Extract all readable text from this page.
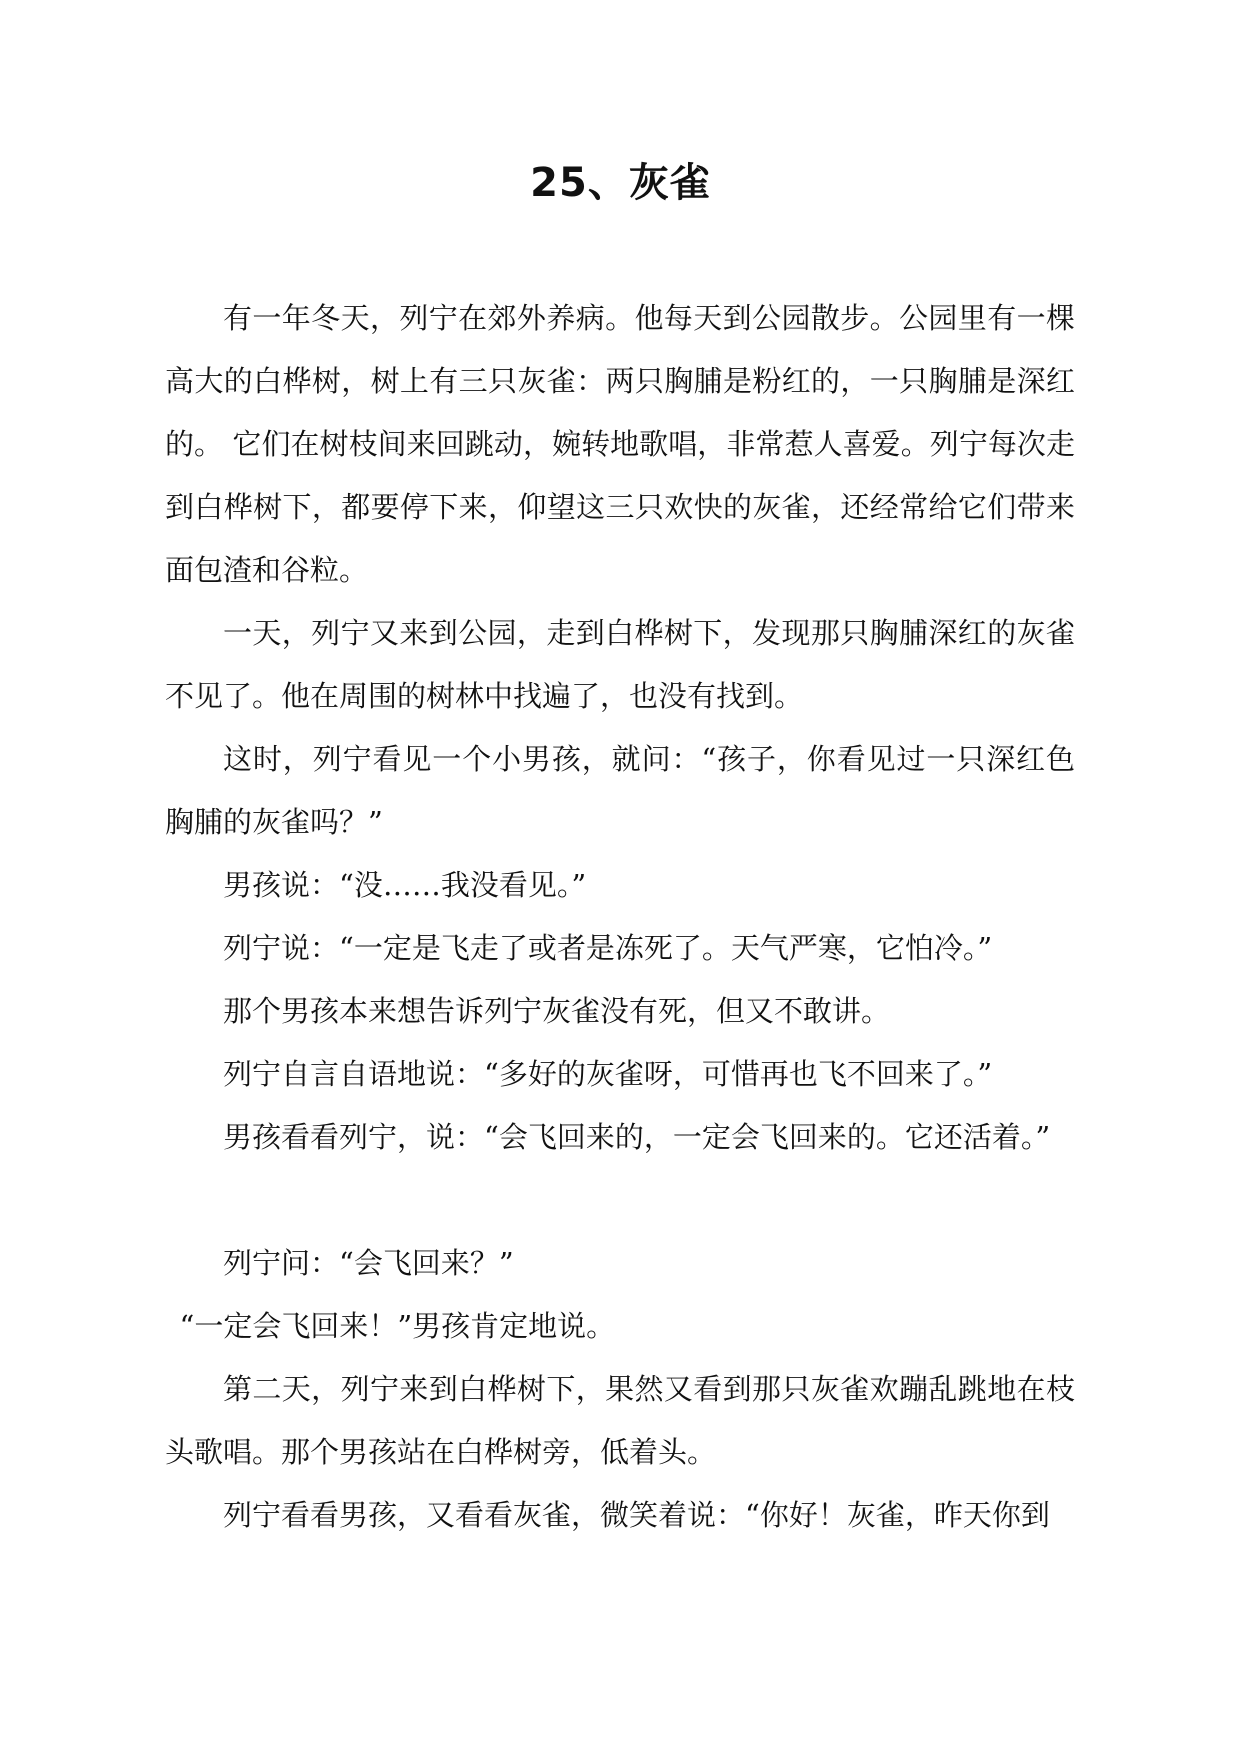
25、灰雀

有一年冬天，列宁在郊外养病。他每天到公园散步。公园里有一棵高大的白桦树，树上有三只灰雀：两只胸脯是粉红的，一只胸脯是深红的。 它们在树枝间来回跳动，婉转地歌唱，非常惹人喜爱。列宁每次走到白桦树下，都要停下来，仰望这三只欢快的灰雀，还经常给它们带来面包渣和谷粒。

一天，列宁又来到公园，走到白桦树下，发现那只胸脯深红的灰雀不见了。他在周围的树林中找遍了，也没有找到。

这时，列宁看见一个小男孩，就问：“孩子，你看见过一只深红色胸脯的灰雀吗？”

男孩说：“没……我没看见。”

列宁说：“一定是飞走了或者是冻死了。天气严寒，它怕冷。”

那个男孩本来想告诉列宁灰雀没有死，但又不敢讲。

列宁自言自语地说：“多好的灰雀呀，可惜再也飞不回来了。”

男孩看看列宁，说：“会飞回来的，一定会飞回来的。它还活着。”

列宁问：“会飞回来？”

“一定会飞回来！”男孩肯定地说。

第二天，列宁来到白桦树下，果然又看到那只灰雀欢蹦乱跳地在枝头歌唱。那个男孩站在白桦树旁，低着头。

列宁看看男孩，又看看灰雀，微笑着说：“你好！灰雀，昨天你到
